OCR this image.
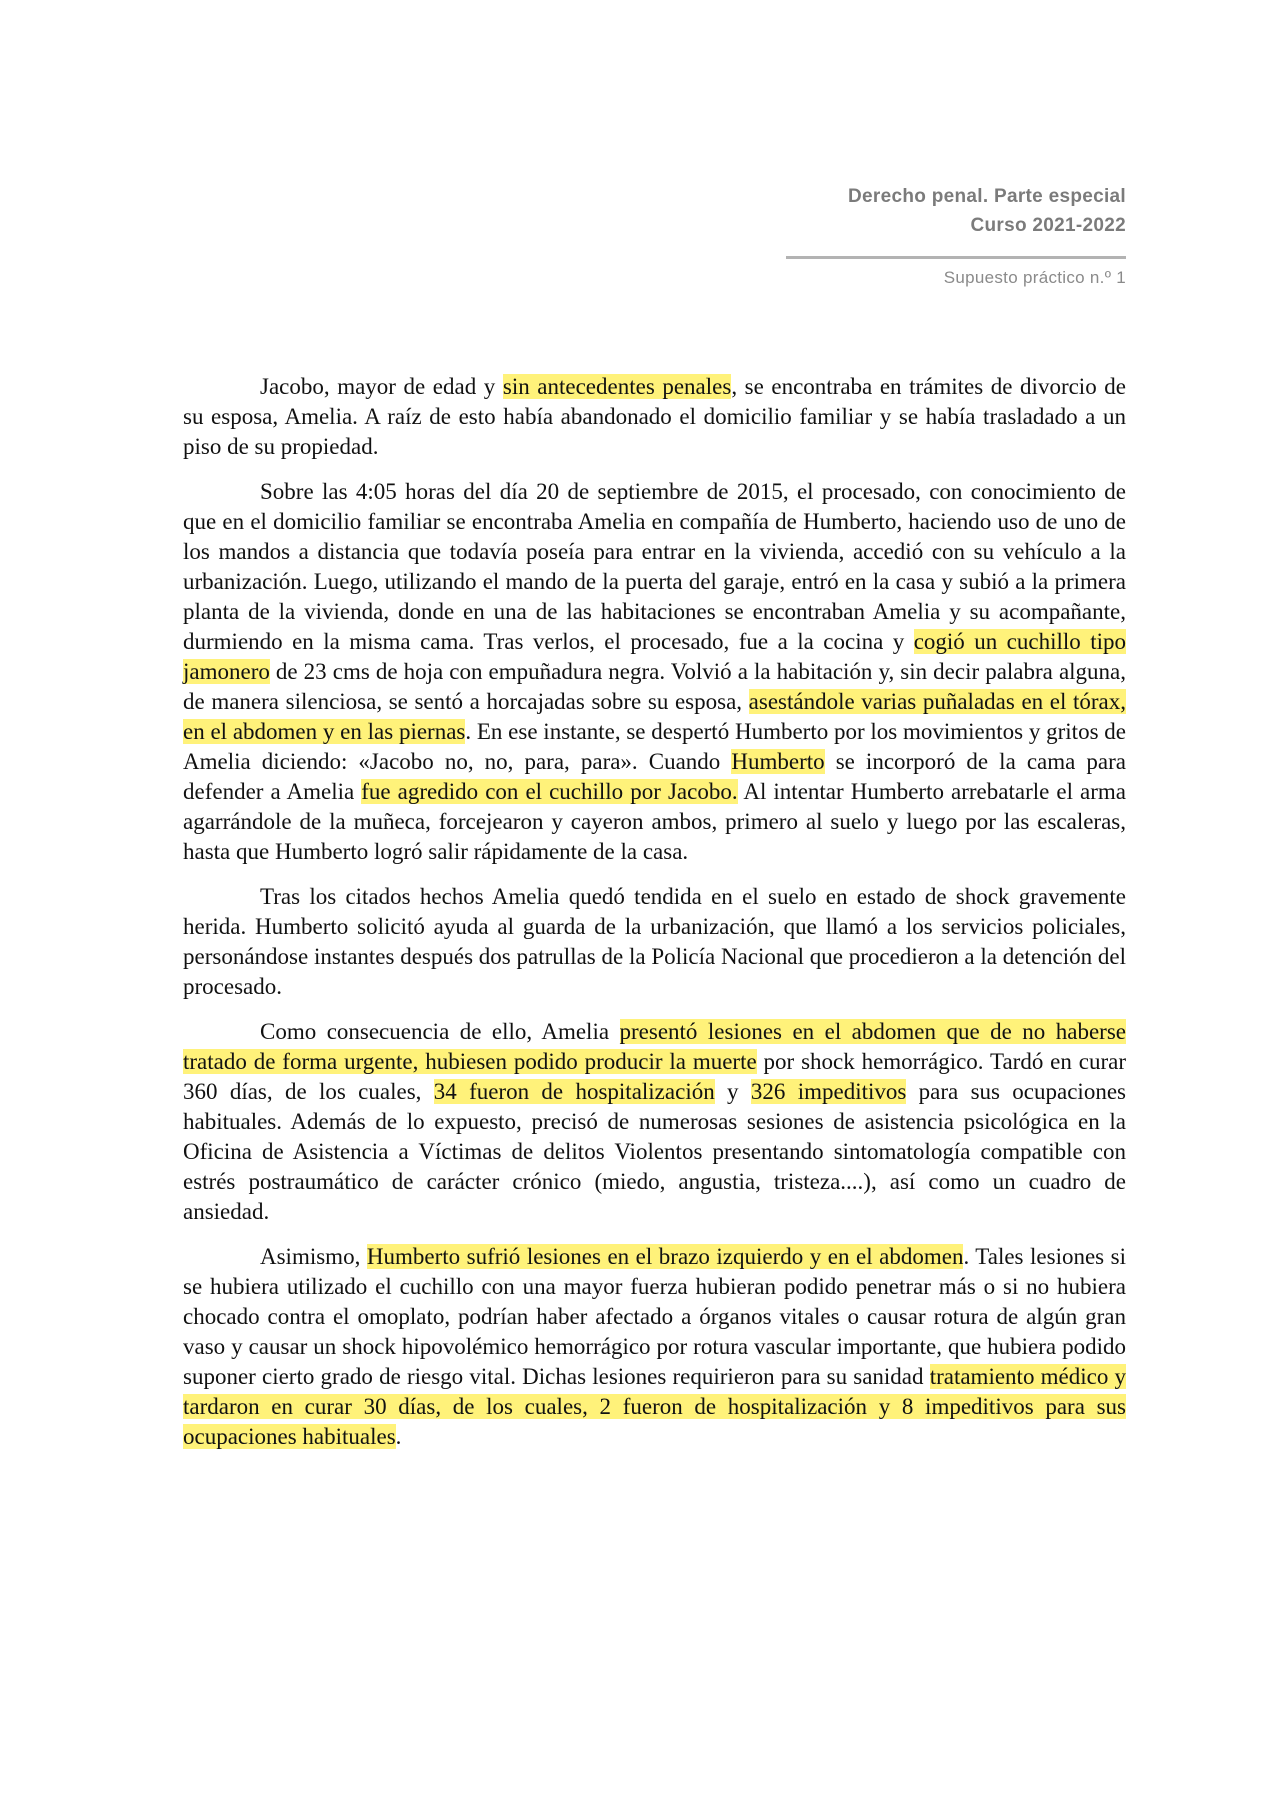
Derecho penal. Parte especial
Curso 2021-2022
Supuesto práctico n.º 1

Jacobo, mayor de edad y sin antecedentes penales, se encontraba en trámites de divorcio de su esposa, Amelia. A raíz de esto había abandonado el domicilio familiar y se había trasladado a un piso de su propiedad.

Sobre las 4:05 horas del día 20 de septiembre de 2015, el procesado, con conocimiento de que en el domicilio familiar se encontraba Amelia en compañía de Humberto, haciendo uso de uno de los mandos a distancia que todavía poseía para entrar en la vivienda, accedió con su vehículo a la urbanización. Luego, utilizando el mando de la puerta del garaje, entró en la casa y subió a la primera planta de la vivienda, donde en una de las habitaciones se encontraban Amelia y su acompañante, durmiendo en la misma cama. Tras verlos, el procesado, fue a la cocina y cogió un cuchillo tipo jamonero de 23 cms de hoja con empuñadura negra. Volvió a la habitación y, sin decir palabra alguna, de manera silenciosa, se sentó a horcajadas sobre su esposa, asestándole varias puñaladas en el tórax, en el abdomen y en las piernas. En ese instante, se despertó Humberto por los movimientos y gritos de Amelia diciendo: «Jacobo no, no, para, para». Cuando Humberto se incorporó de la cama para defender a Amelia fue agredido con el cuchillo por Jacobo. Al intentar Humberto arrebatarle el arma agarrándole de la muñeca, forcejearon y cayeron ambos, primero al suelo y luego por las escaleras, hasta que Humberto logró salir rápidamente de la casa.

Tras los citados hechos Amelia quedó tendida en el suelo en estado de shock gravemente herida. Humberto solicitó ayuda al guarda de la urbanización, que llamó a los servicios policiales, personándose instantes después dos patrullas de la Policía Nacional que procedieron a la detención del procesado.

Como consecuencia de ello, Amelia presentó lesiones en el abdomen que de no haberse tratado de forma urgente, hubiesen podido producir la muerte por shock hemorrágico. Tardó en curar 360 días, de los cuales, 34 fueron de hospitalización y 326 impeditivos para sus ocupaciones habituales. Además de lo expuesto, precisó de numerosas sesiones de asistencia psicológica en la Oficina de Asistencia a Víctimas de delitos Violentos presentando sintomatología compatible con estrés postraumático de carácter crónico (miedo, angustia, tristeza....), así como un cuadro de ansiedad.

Asimismo, Humberto sufrió lesiones en el brazo izquierdo y en el abdomen. Tales lesiones si se hubiera utilizado el cuchillo con una mayor fuerza hubieran podido penetrar más o si no hubiera chocado contra el omoplato, podrían haber afectado a órganos vitales o causar rotura de algún gran vaso y causar un shock hipovolémico hemorrágico por rotura vascular importante, que hubiera podido suponer cierto grado de riesgo vital. Dichas lesiones requirieron para su sanidad tratamiento médico y tardaron en curar 30 días, de los cuales, 2 fueron de hospitalización y 8 impeditivos para sus ocupaciones habituales.
